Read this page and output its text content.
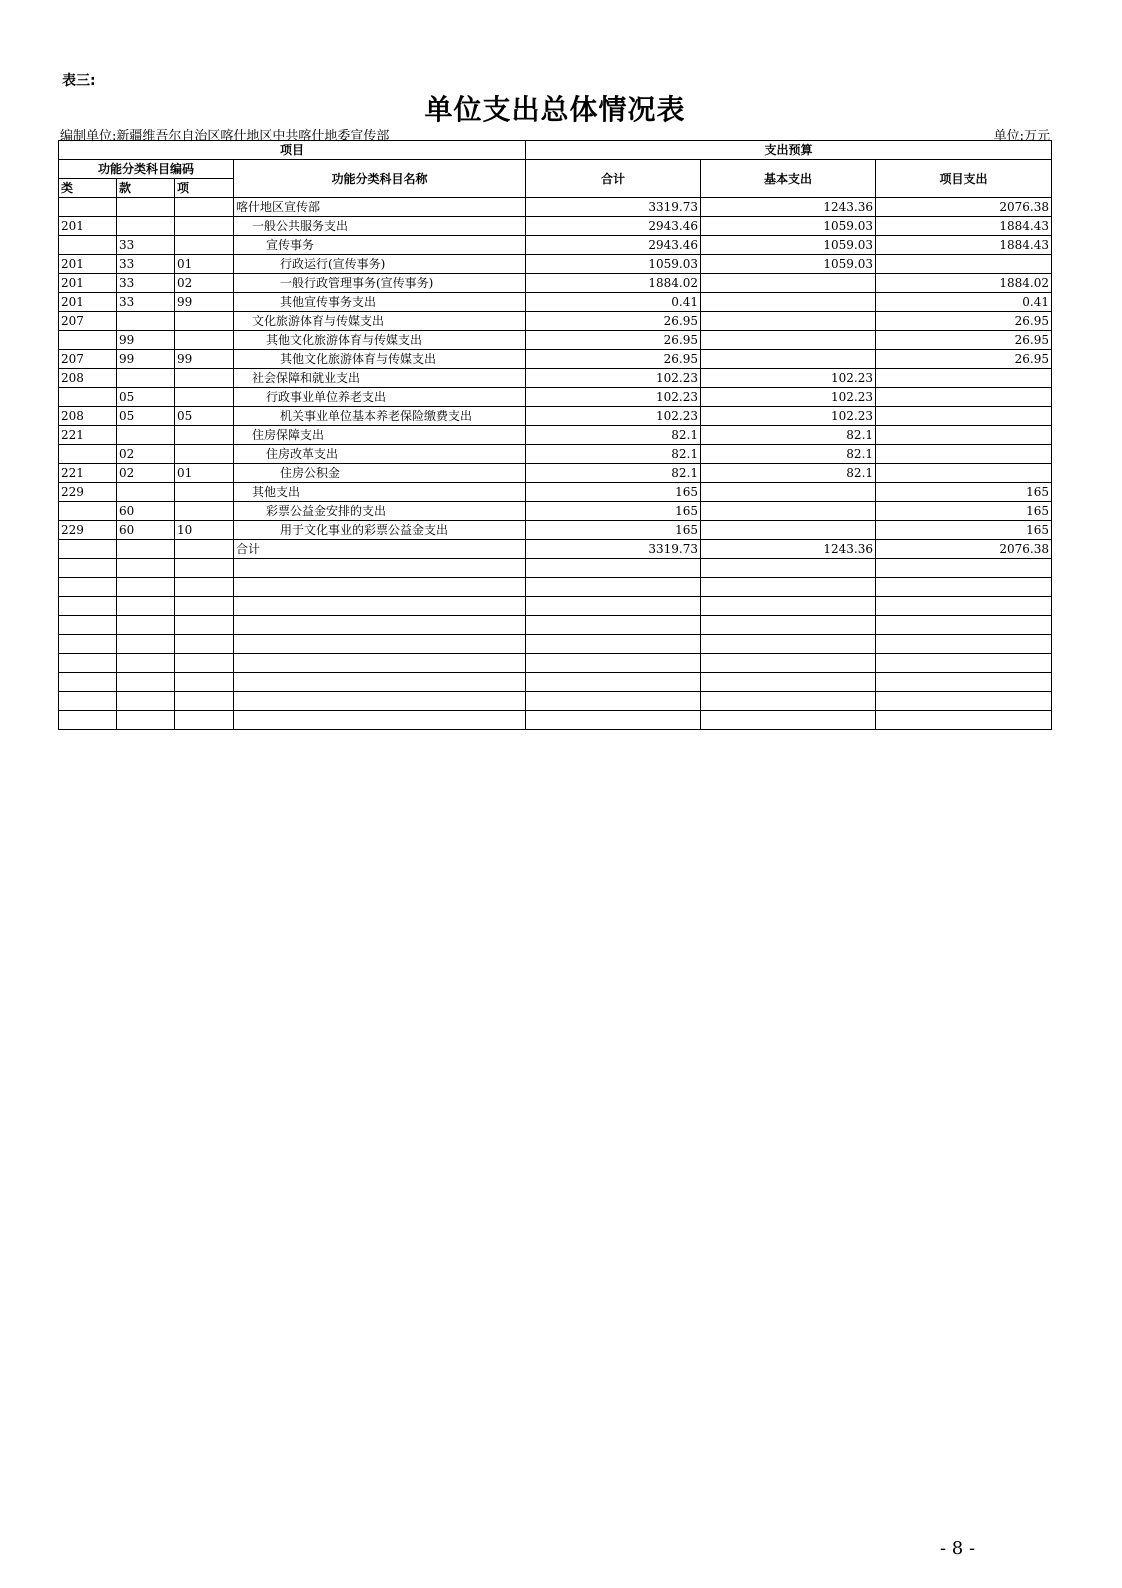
表三:
单位支出总体情况表
编制单位:新疆维吾尔自治区喀什地区中共喀什地委宣传部	单位:万元
项目				支出预算		
功能分类科目编码			功能分类科目名称	合计	基本支出	项目支出
类	款	项				
			喀什地区宣传部	3319.73	1243.36	2076.38
201			一般公共服务支出	2943.46	1059.03	1884.43
	33		宣传事务	2943.46	1059.03	1884.43
201	33	01	行政运行(宣传事务)	1059.03	1059.03	
201	33	02	一般行政管理事务(宣传事务)	1884.02		1884.02
201	33	99	其他宣传事务支出	0.41		0.41
207			文化旅游体育与传媒支出	26.95		26.95
	99		其他文化旅游体育与传媒支出	26.95		26.95
207	99	99	其他文化旅游体育与传媒支出	26.95		26.95
208			社会保障和就业支出	102.23	102.23	
	05		行政事业单位养老支出	102.23	102.23	
208	05	05	机关事业单位基本养老保险缴费支出	102.23	102.23	
221			住房保障支出	82.1	82.1	
	02		住房改革支出	82.1	82.1	
221	02	01	住房公积金	82.1	82.1	
229			其他支出	165		165
	60		彩票公益金安排的支出	165		165
229	60	10	用于文化事业的彩票公益金支出	165		165
			合计	3319.73	1243.36	2076.38

- 8 -
